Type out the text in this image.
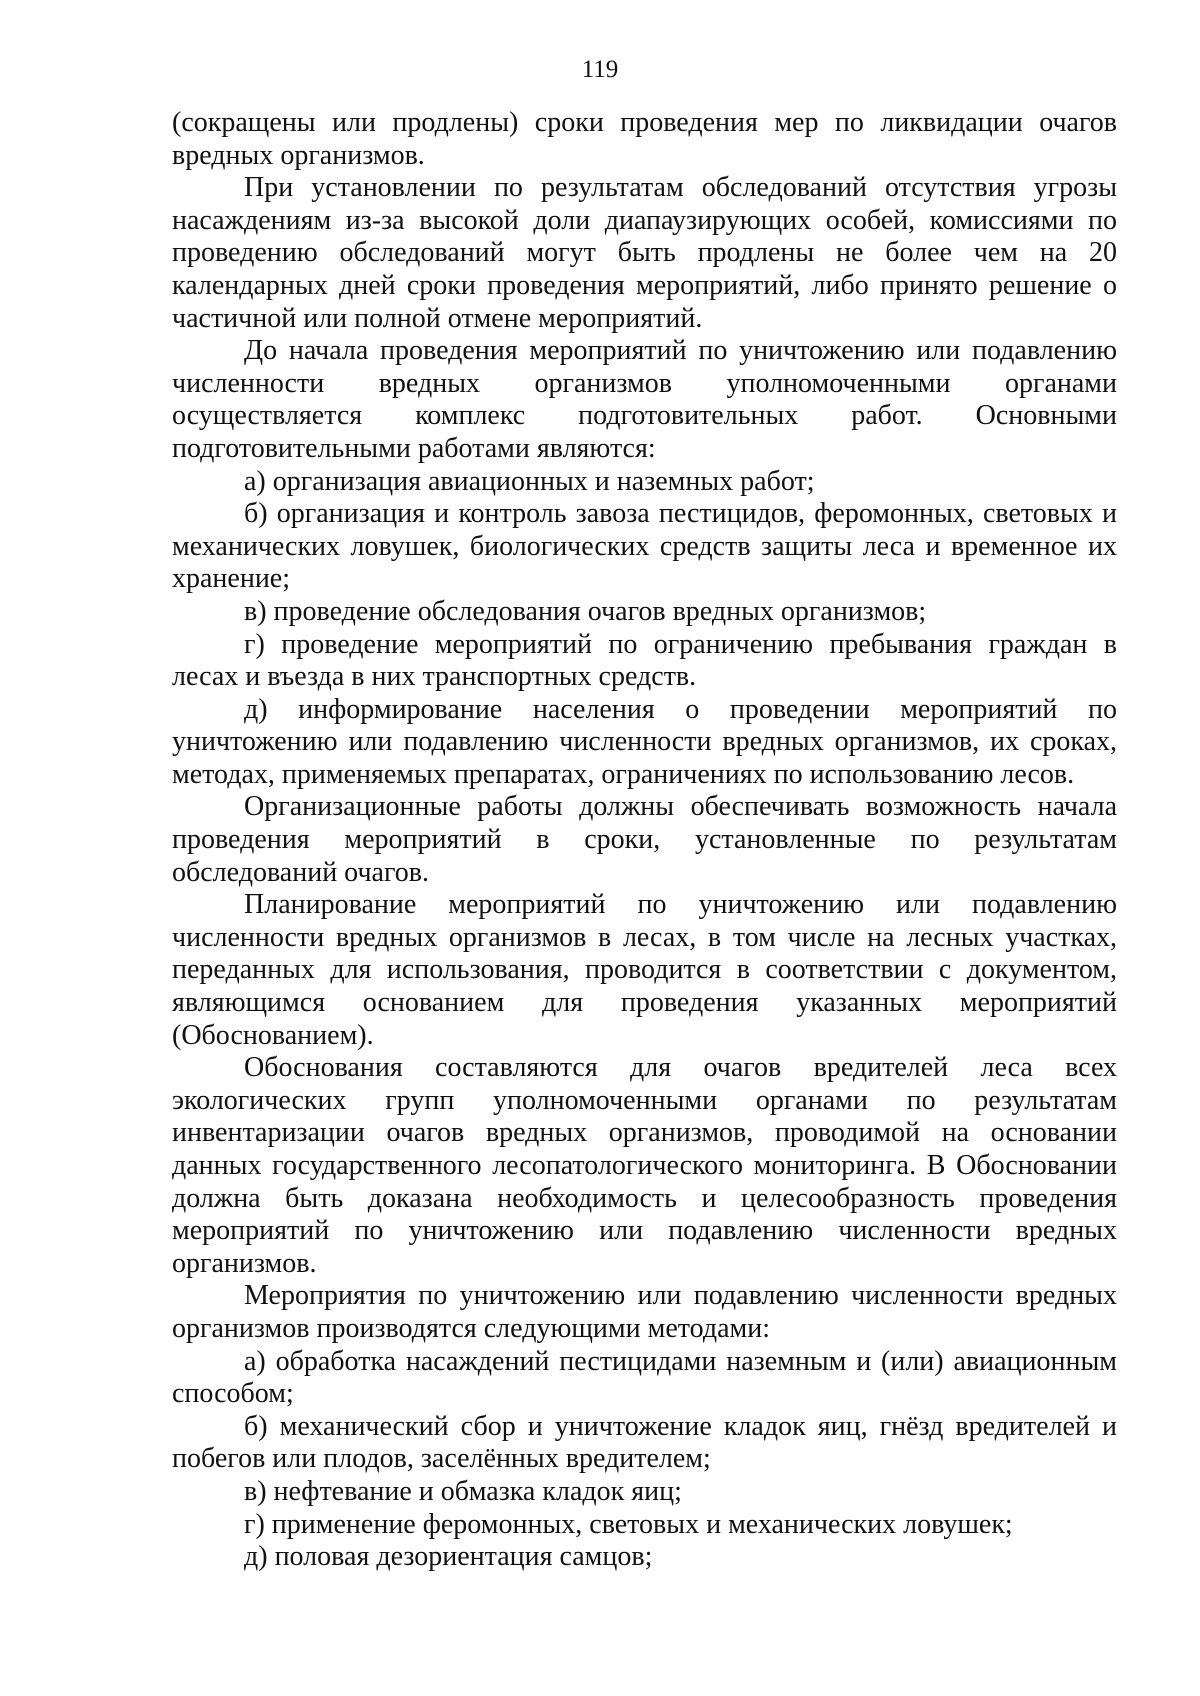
119

(сокращены или продлены) сроки проведения мер по ликвидации очагов вредных организмов.

При установлении по результатам обследований отсутствия угрозы насаждениям из-за высокой доли диапаузирующих особей, комиссиями по проведению обследований могут быть продлены не более чем на 20 календарных дней сроки проведения мероприятий, либо принято решение о частичной или полной отмене мероприятий.

До начала проведения мероприятий по уничтожению или подавлению численности вредных организмов уполномоченными органами осуществляется комплекс подготовительных работ. Основными подготовительными работами являются:

а) организация авиационных и наземных работ;

б) организация и контроль завоза пестицидов, феромонных, световых и механических ловушек, биологических средств защиты леса и временное их хранение;

в) проведение обследования очагов вредных организмов;

г) проведение мероприятий по ограничению пребывания граждан в лесах и въезда в них транспортных средств.

д) информирование населения о проведении мероприятий по уничтожению или подавлению численности вредных организмов, их сроках, методах, применяемых препаратах, ограничениях по использованию лесов.

Организационные работы должны обеспечивать возможность начала проведения мероприятий в сроки, установленные по результатам обследований очагов.

Планирование мероприятий по уничтожению или подавлению численности вредных организмов в лесах, в том числе на лесных участках, переданных для использования, проводится в соответствии с документом, являющимся основанием для проведения указанных мероприятий (Обоснованием).

Обоснования составляются для очагов вредителей леса всех экологических групп уполномоченными органами по результатам инвентаризации очагов вредных организмов, проводимой на основании данных государственного лесопатологического мониторинга. В Обосновании должна быть доказана необходимость и целесообразность проведения мероприятий по уничтожению или подавлению численности вредных организмов.

Мероприятия по уничтожению или подавлению численности вредных организмов производятся следующими методами:

а) обработка насаждений пестицидами наземным и (или) авиационным способом;

б) механический сбор и уничтожение кладок яиц, гнёзд вредителей и побегов или плодов, заселённых вредителем;

в) нефтевание и обмазка кладок яиц;

г) применение феромонных, световых и механических ловушек;

д) половая дезориентация самцов;
